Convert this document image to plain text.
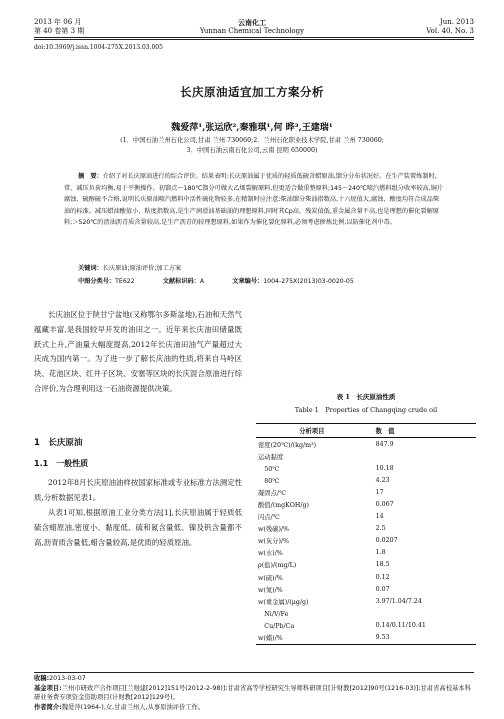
2013 年 06 月
第 40 卷第 3 期
云南化工
Yunnan Chemical Technology
Jun. 2013
Vol. 40, No. 3
doi:10.3969/j.issn.1004-275X.2013.03.005
长庆原油适宜加工方案分析
魏爱萍¹,张运欣²,秦雅琪¹,何 晔³,王建瑞¹
(1．中国石油兰州石化公司,甘肃 兰州 730060;2．兰州石化职业技术学院,甘肃 兰州 730060;
3．中国石油云南石化公司,云南 昆明 650000)

摘　要：介绍了对长庆原油进行的综合评价。结果表明:长庆原油属于优质的轻质低硫含蜡原油,馏分分布状况好。在生产装置炼制时,常、减压负荷均衡,易于平衡操作。初馏点～180℃馏分可做大乙烯裂解原料,但更适合做重整原料;145～240℃喷汽燃料组分收率较高,铜片腐蚀、硫醇硫不合格,说明长庆原油喷汽燃料中活性硫化物较多,在精制时应注意;柴油馏分柴油指数高,十六烷值大,腐蚀、酸度均符合成品柴油的标准。减压蜡油酸值小、粘度指数高,是生产润滑油基础油的理想原料,同时其Cp高、残炭值低,重金属含量不高,也是理想的催化裂解原料;＞520℃的渣油沥青质含量较高,是生产沥青的较理想原料,如果作为催化裂化原料,必须考虑掺炼比例,以防催化剂中毒。

关键词：长庆原油;原油评价;加工方案
中图分类号：TE622	文献标识码：A	文章编号：1004-275X(2013)03-0020-05

长庆油区位于陕甘宁盆地(又称鄂尔多斯盆地),石油和天然气蕴藏丰富,是我国较早开发的油田之一。近年来长庆油田储量既跃式上升,产油量大幅度提高,2012年长庆油田油气产量超过大庆成为国内第一。为了进一步了解长庆油的性质,将来自马岭区块、花池区块、红井子区块、安塞等区块的长庆混合原油进行综合评价,为合理利用这一石油资源提供决策。

1　长庆原油
1.1　一般性质

2012年8月长庆原油油样按国家标准或专业标准方法测定性质,分析数据见表1。

从表1可知,根据原油工业分类方法[1],长庆原油属于轻质低硫含蜡原油,密度小、黏度低、硫和氮含量低、镍及钒含量都不高,沥青质含量低,蜡含量较高,是优质的轻质原油。

表 1　长庆原油性质
Table 1　Properties of Changqing crude oil
分析项目	数　值
密度(20℃)/(kg/m³)	847.9
运动黏度	
　50℃	10.18
　80℃	4.23
凝固点/℃	17
酸值/(mgKOH/g)	0.067
闪点/℃	14
w(残碳)/%	2.5
w(灰分)/%	0.0207
w(水)/%	1.8
ρ(盐)/(mg/L)	18.5
w(硫)/%	0.12
w(氮)/%	0.07
w(重金属)/(μg/g)	3.97/1.04/7.24
　Ni/V/Fe	
　Cu/Pb/Ca	0.14/0.11/10.41
w(蜡)/%	9.53
收稿:2013-03-07
基金项目:兰州市研致产合作项目[兰财建[2012]151号(2012-2-98)];甘肃省高等学校研究生导师科研项目[计财教[2012]90号(1216-03)];甘肃省高校基本科研业务费专项资金资助项目(计财教[2012]129号)。
作者简介:魏爱萍(1964-),女,甘肃兰州人,从事原油评价工作。
